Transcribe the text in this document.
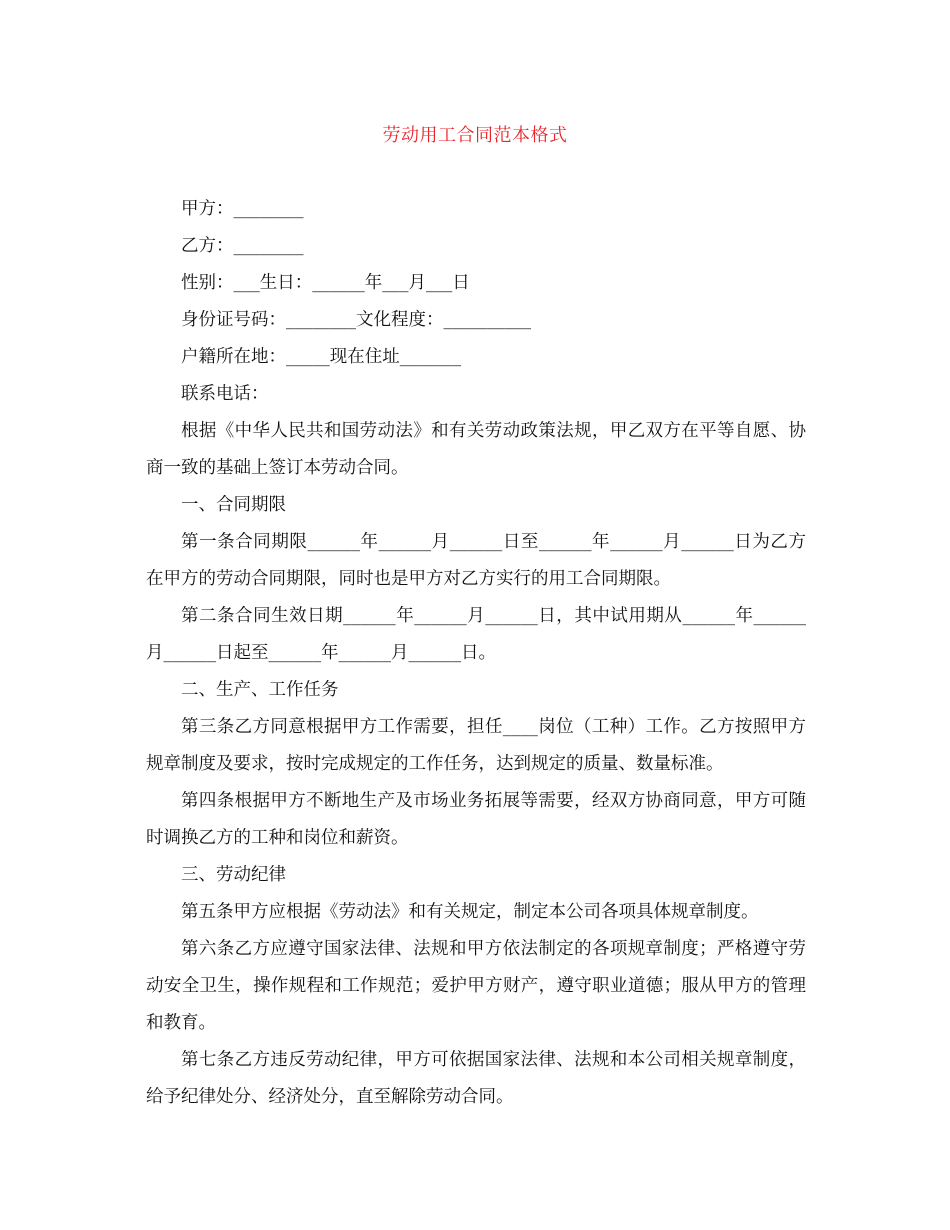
劳动用工合同范本格式

甲方：________

乙方：________

性别：___生日：______年___月___日

身份证号码：________文化程度：__________

户籍所在地：_____现在住址_______

联系电话：

根据《中华人民共和国劳动法》和有关劳动政策法规，甲乙双方在平等自愿、协商一致的基础上签订本劳动合同。

一、合同期限

第一条合同期限______年______月______日至______年______月______日为乙方在甲方的劳动合同期限，同时也是甲方对乙方实行的用工合同期限。

第二条合同生效日期______年______月______日，其中试用期从______年______月______日起至______年______月______日。

二、生产、工作任务

第三条乙方同意根据甲方工作需要，担任____岗位（工种）工作。乙方按照甲方规章制度及要求，按时完成规定的工作任务，达到规定的质量、数量标准。

第四条根据甲方不断地生产及市场业务拓展等需要，经双方协商同意，甲方可随时调换乙方的工种和岗位和薪资。

三、劳动纪律

第五条甲方应根据《劳动法》和有关规定，制定本公司各项具体规章制度。

第六条乙方应遵守国家法律、法规和甲方依法制定的各项规章制度；严格遵守劳动安全卫生，操作规程和工作规范；爱护甲方财产，遵守职业道德；服从甲方的管理和教育。

第七条乙方违反劳动纪律，甲方可依据国家法律、法规和本公司相关规章制度，给予纪律处分、经济处分，直至解除劳动合同。
